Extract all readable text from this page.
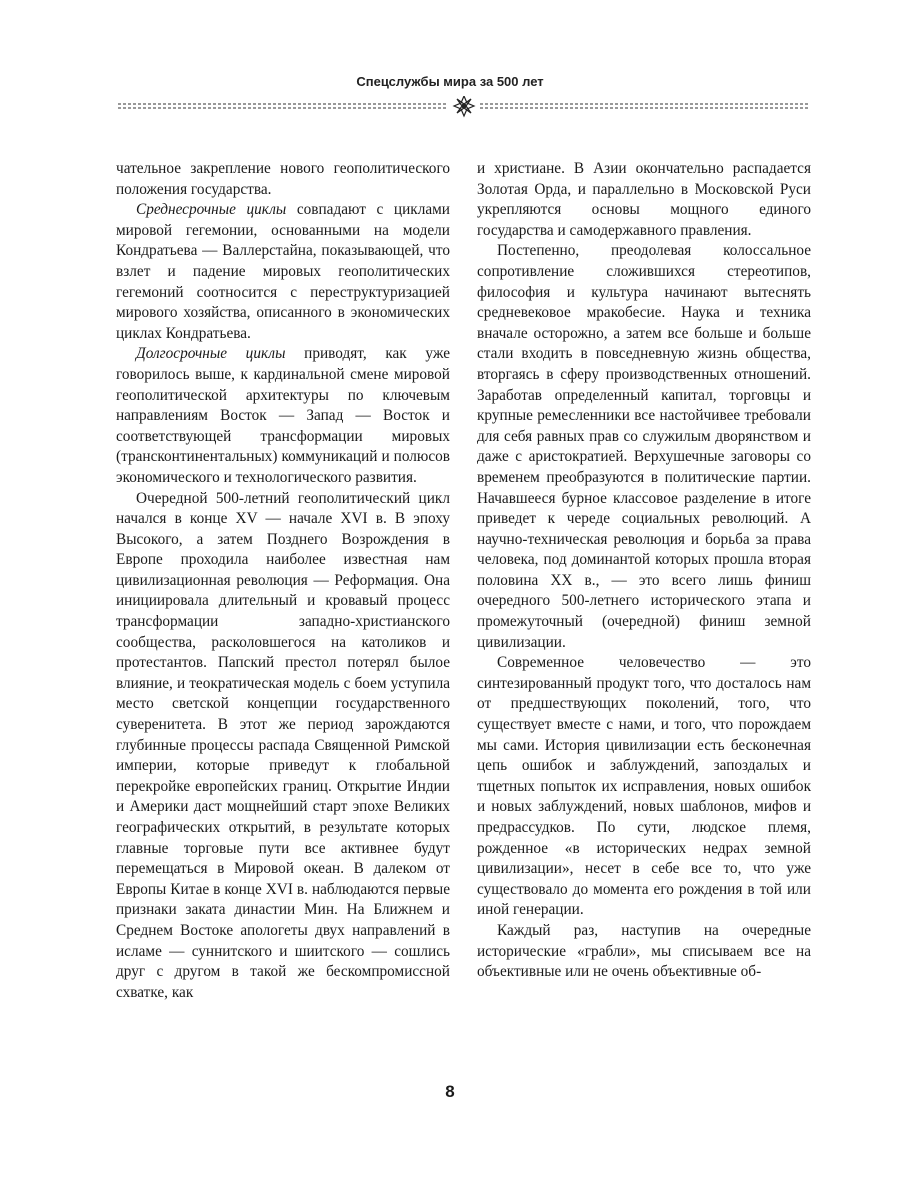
Спецслужбы мира за 500 лет

чательное закрепление нового геополитического положения государства.

Среднесрочные циклы совпадают с циклами мировой гегемонии, основанными на модели Кондратьева — Валлерстайна, показывающей, что взлет и падение мировых геополитических гегемоний соотносится с переструктуризацией мирового хозяйства, описанного в экономических циклах Кондратьева.

Долгосрочные циклы приводят, как уже говорилось выше, к кардинальной смене мировой геополитической архитектуры по ключевым направлениям Восток — Запад — Восток и соответствующей трансформации мировых (трансконтинентальных) коммуникаций и полюсов экономического и технологического развития.

Очередной 500-летний геополитический цикл начался в конце XV — начале XVI в. В эпоху Высокого, а затем Позднего Возрождения в Европе проходила наиболее известная нам цивилизационная революция — Реформация. Она инициировала длительный и кровавый процесс трансформации западно-христианского сообщества, расколовшегося на католиков и протестантов. Папский престол потерял былое влияние, и теократическая модель с боем уступила место светской концепции государственного суверенитета. В этот же период зарождаются глубинные процессы распада Священной Римской империи, которые приведут к глобальной перекройке европейских границ. Открытие Индии и Америки даст мощнейший старт эпохе Великих географических открытий, в результате которых главные торговые пути все активнее будут перемещаться в Мировой океан. В далеком от Европы Китае в конце XVI в. наблюдаются первые признаки заката династии Мин. На Ближнем и Среднем Востоке апологеты двух направлений в исламе — суннитского и шиитского — сошлись друг с другом в такой же бескомпромиссной схватке, как

и христиане. В Азии окончательно распадается Золотая Орда, и параллельно в Московской Руси укрепляются основы мощного единого государства и самодержавного правления.

Постепенно, преодолевая колоссальное сопротивление сложившихся стереотипов, философия и культура начинают вытеснять средневековое мракобесие. Наука и техника вначале осторожно, а затем все больше и больше стали входить в повседневную жизнь общества, вторгаясь в сферу производственных отношений. Заработав определенный капитал, торговцы и крупные ремесленники все настойчивее требовали для себя равных прав со служилым дворянством и даже с аристократией. Верхушечные заговоры со временем преобразуются в политические партии. Начавшееся бурное классовое разделение в итоге приведет к череде социальных революций. А научно-техническая революция и борьба за права человека, под доминантой которых прошла вторая половина XX в., — это всего лишь финиш очередного 500-летнего исторического этапа и промежуточный (очередной) финиш земной цивилизации.

Современное человечество — это синтезированный продукт того, что досталось нам от предшествующих поколений, того, что существует вместе с нами, и того, что порождаем мы сами. История цивилизации есть бесконечная цепь ошибок и заблуждений, запоздалых и тщетных попыток их исправления, новых ошибок и новых заблуждений, новых шаблонов, мифов и предрассудков. По сути, людское племя, рожденное «в исторических недрах земной цивилизации», несет в себе все то, что уже существовало до момента его рождения в той или иной генерации.

Каждый раз, наступив на очередные исторические «грабли», мы списываем все на объективные или не очень объективные об-

8
